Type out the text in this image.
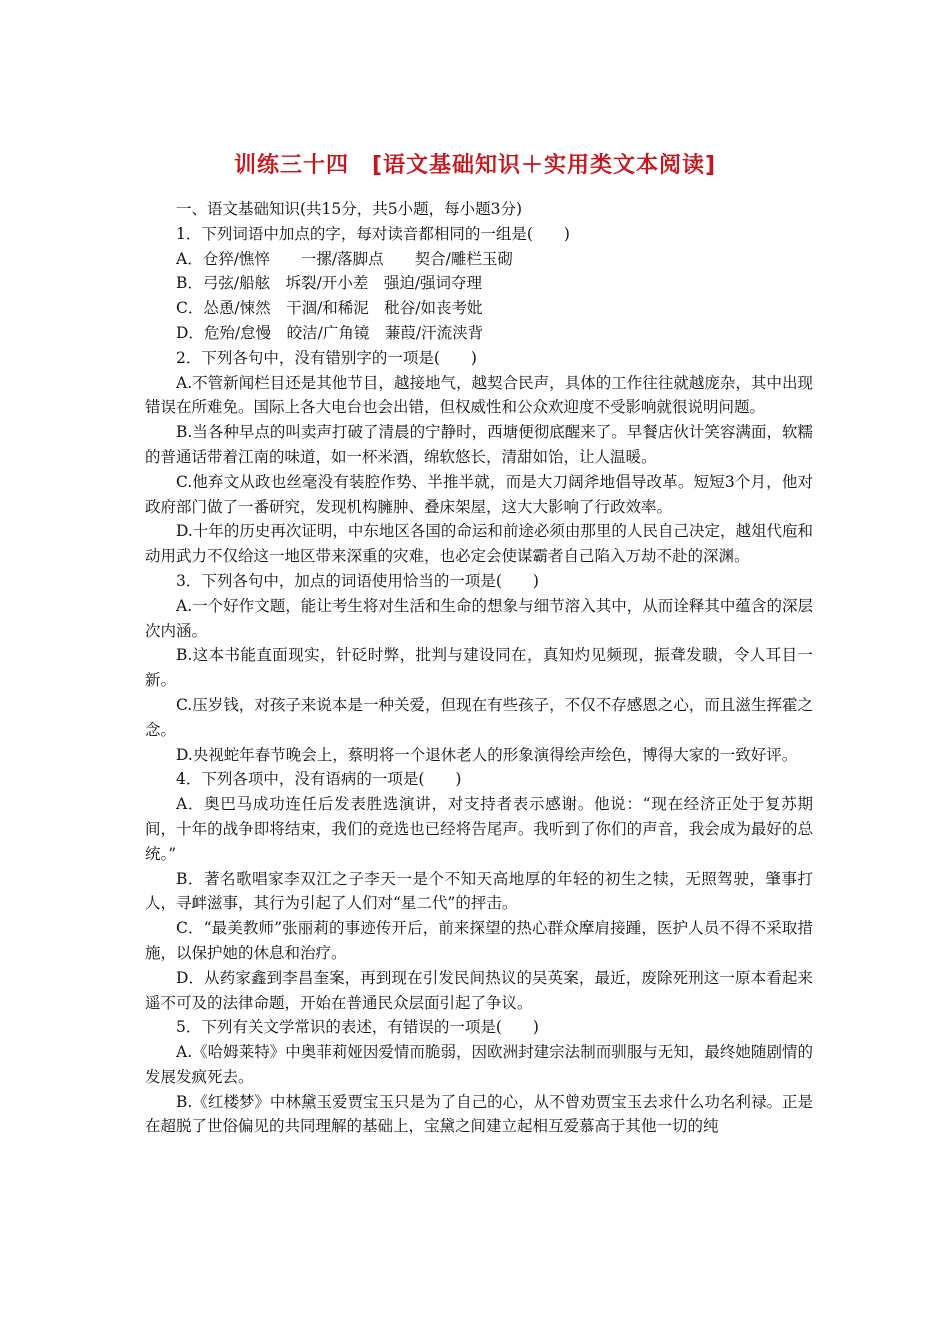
训练三十四　[语文基础知识＋实用类文本阅读]

一、语文基础知识(共15分，共5小题，每小题3分)

1．下列词语中加点的字，每对读音都相同的一组是(　　)

A．仓猝/憔悴　　一摞/落脚点　　契合/雕栏玉砌

B．弓弦/船舷　坼裂/开小差　强迫/强词夺理

C．怂恿/悚然　干涸/和稀泥　秕谷/如丧考妣

D．危殆/怠慢　皎洁/广角镜　蒹葭/汗流浃背

2．下列各句中，没有错别字的一项是(　　)

A.不管新闻栏目还是其他节目，越接地气，越契合民声，具体的工作往往就越庞杂，其中出现错误在所难免。国际上各大电台也会出错，但权威性和公众欢迎度不受影响就很说明问题。

B.当各种早点的叫卖声打破了清晨的宁静时，西塘便彻底醒来了。早餐店伙计笑容满面，软糯的普通话带着江南的味道，如一杯米酒，绵软悠长，清甜如饴，让人温暖。

C.他弃文从政也丝毫没有装腔作势、半推半就，而是大刀阔斧地倡导改革。短短3个月，他对政府部门做了一番研究，发现机构臃肿、叠床架屋，这大大影响了行政效率。

D.十年的历史再次证明，中东地区各国的命运和前途必须由那里的人民自己决定，越俎代庖和动用武力不仅给这一地区带来深重的灾难，也必定会使谋霸者自己陷入万劫不赴的深渊。

3．下列各句中，加点的词语使用恰当的一项是(　　)

A.一个好作文题，能让考生将对生活和生命的想象与细节溶入其中，从而诠释其中蕴含的深层次内涵。

B.这本书能直面现实，针砭时弊，批判与建设同在，真知灼见频现，振聋发聩，令人耳目一新。

C.压岁钱，对孩子来说本是一种关爱，但现在有些孩子，不仅不存感恩之心，而且滋生挥霍之念。

D.央视蛇年春节晚会上，蔡明将一个退休老人的形象演得绘声绘色，博得大家的一致好评。

4．下列各项中，没有语病的一项是(　　)

A．奥巴马成功连任后发表胜选演讲，对支持者表示感谢。他说：“现在经济正处于复苏期间，十年的战争即将结束，我们的竞选也已经将告尾声。我听到了你们的声音，我会成为最好的总统。”

B．著名歌唱家李双江之子李天一是个不知天高地厚的年轻的初生之犊，无照驾驶，肇事打人，寻衅滋事，其行为引起了人们对“星二代”的抨击。

C．“最美教师”张丽莉的事迹传开后，前来探望的热心群众摩肩接踵，医护人员不得不采取措施，以保护她的休息和治疗。

D．从药家鑫到李昌奎案，再到现在引发民间热议的吴英案，最近，废除死刑这一原本看起来遥不可及的法律命题，开始在普通民众层面引起了争议。

5．下列有关文学常识的表述，有错误的一项是(　　)

A.《哈姆莱特》中奥菲莉娅因爱情而脆弱，因欧洲封建宗法制而驯服与无知，最终她随剧情的发展发疯死去。

B.《红楼梦》中林黛玉爱贾宝玉只是为了自己的心，从不曾劝贾宝玉去求什么功名利禄。正是在超脱了世俗偏见的共同理解的基础上，宝黛之间建立起相互爱慕高于其他一切的纯
